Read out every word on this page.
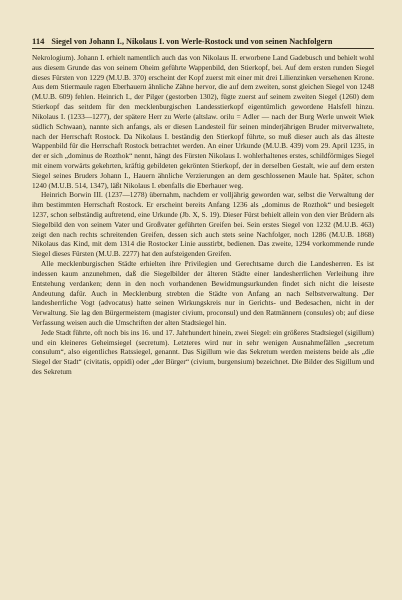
114 Siegel von Johann I., Nikolaus I. von Werle-Rostock und von seinen Nachfolgern

Nekrologium). Johann I. erhielt namentlich auch das von Nikolaus II. erworbene Land Gadebusch und behielt wohl aus diesem Grunde das von seinem Oheim geführte Wappenbild, den Stierkopf, bei. Auf dem ersten runden Siegel dieses Fürsten von 1229 (M.U.B. 370) erscheint der Kopf zuerst mit einer mit drei Lilienzinken versehenen Krone. Aus dem Stiermaule ragen Eberhauern ähnliche Zähne hervor, die auf dem zweiten, sonst gleichen Siegel von 1248 (M.U.B. 609) fehlen. Heinrich I., der Pilger (gestorben 1302), fügte zuerst auf seinem zweiten Siegel (1260) dem Stierkopf das seitdem für den mecklenburgischen Landesstierkopf eigentümlich gewordene Halsfell hinzu. Nikolaus I. (1233—1277), der spätere Herr zu Werle (altslaw. orilu = Adler — nach der Burg Werle unweit Wiek südlich Schwaan), nannte sich anfangs, als er diesen Landesteil für seinen minderjährigen Bruder mitverwaltete, nach der Herrschaft Rostock. Da Nikolaus I. beständig den Stierkopf führte, so muß dieser auch als das älteste Wappenbild für die Herrschaft Rostock betrachtet werden. An einer Urkunde (M.U.B. 439) vom 29. April 1235, in der er sich „dominus de Rozthok“ nennt, hängt des Fürsten Nikolaus I. wohlerhaltenes erstes, schildförmiges Siegel mit einem vorwärts gekehrten, kräftig gebildeten gekrönten Stierkopf, der in derselben Gestalt, wie auf dem ersten Siegel seines Bruders Johann I., Hauern ähnliche Verzierungen an dem geschlossenen Maule hat. Später, schon 1240 (M.U.B. 514, 1347), läßt Nikolaus I. ebenfalls die Eberhauer weg.

Heinrich Borwin III. (1237—1278) übernahm, nachdem er volljährig geworden war, selbst die Verwaltung der ihm bestimmten Herrschaft Rostock. Er erscheint bereits Anfang 1236 als „dominus de Rozthok“ und besiegelt 1237, schon selbständig auftretend, eine Urkunde (Jb. X, S. 19). Dieser Fürst behielt allein von den vier Brüdern als Siegelbild den von seinem Vater und Großvater geführten Greifen bei. Sein erstes Siegel von 1232 (M.U.B. 463) zeigt den nach rechts schreitenden Greifen, dessen sich auch stets seine Nachfolger, noch 1286 (M.U.B. 1868) Nikolaus das Kind, mit dem 1314 die Rostocker Linie ausstirbt, bedienen. Das zweite, 1294 vorkommende runde Siegel dieses Fürsten (M.U.B. 2277) hat den aufsteigenden Greifen.

Alle mecklenburgischen Städte erhielten ihre Privilegien und Gerechtsame durch die Landesherren. Es ist indessen kaum anzunehmen, daß die Siegelbilder der älteren Städte einer landesherrlichen Verleihung ihre Entstehung verdanken; denn in den noch vorhandenen Bewidmungsurkunden findet sich nicht die leiseste Andeutung dafür. Auch in Mecklenburg strebten die Städte von Anfang an nach Selbstverwaltung. Der landesherrliche Vogt (advocatus) hatte seinen Wirkungskreis nur in Gerichts- und Bedesachen, nicht in der Verwaltung. Sie lag den Bürgermeistern (magister civium, proconsul) und den Ratmännern (consules) ob; auf diese Verfassung weisen auch die Umschriften der alten Stadtsiegel hin.

Jede Stadt führte, oft noch bis ins 16. und 17. Jahrhundert hinein, zwei Siegel: ein größeres Stadtsiegel (sigillum) und ein kleineres Geheimsiegel (secretum). Letzteres wird nur in sehr wenigen Ausnahmefällen „secretum consulum“, also eigentliches Ratssiegel, genannt. Das Sigillum wie das Sekretum werden meistens beide als „die Siegel der Stadt“ (civitatis, oppidi) oder „der Bürger“ (civium, burgensium) bezeichnet. Die Bilder des Sigillum und des Sekretum
